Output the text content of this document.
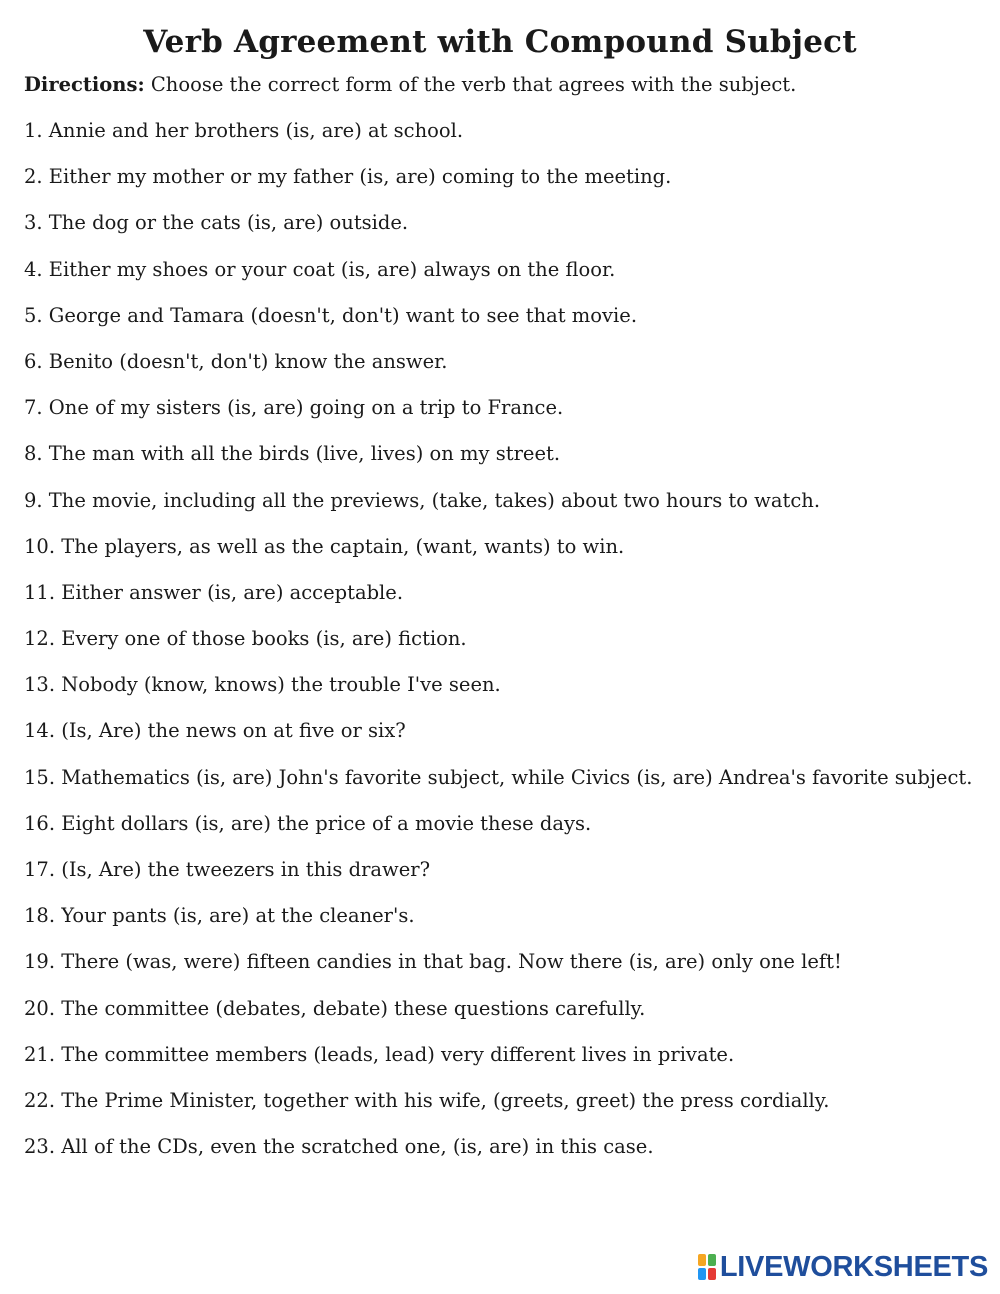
Verb Agreement with Compound Subject

Directions: Choose the correct form of the verb that agrees with the subject.

1. Annie and her brothers (is, are) at school.
2. Either my mother or my father (is, are) coming to the meeting.
3. The dog or the cats (is, are) outside.
4. Either my shoes or your coat (is, are) always on the floor.
5. George and Tamara (doesn't, don't) want to see that movie.
6. Benito (doesn't, don't) know the answer.
7. One of my sisters (is, are) going on a trip to France.
8. The man with all the birds (live, lives) on my street.
9. The movie, including all the previews, (take, takes) about two hours to watch.
10. The players, as well as the captain, (want, wants) to win.
11. Either answer (is, are) acceptable.
12. Every one of those books (is, are) fiction.
13. Nobody (know, knows) the trouble I've seen.
14. (Is, Are) the news on at five or six?
15. Mathematics (is, are) John's favorite subject, while Civics (is, are) Andrea's favorite subject.
16. Eight dollars (is, are) the price of a movie these days.
17. (Is, Are) the tweezers in this drawer?
18. Your pants (is, are) at the cleaner's.
19. There (was, were) fifteen candies in that bag. Now there (is, are) only one left!
20. The committee (debates, debate) these questions carefully.
21. The committee members (leads, lead) very different lives in private.
22. The Prime Minister, together with his wife, (greets, greet) the press cordially.
23. All of the CDs, even the scratched one, (is, are) in this case.
LIVEWORKSHEETS
